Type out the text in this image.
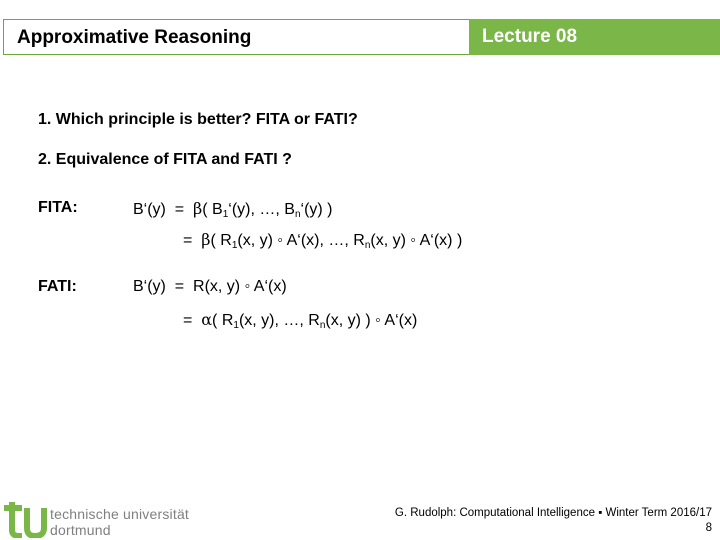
Approximative Reasoning	Lecture 08
1. Which principle is better? FITA or FATI?
2. Equivalence of FITA and FATI ?
FITA:	B‘(y) = β( $B_1‘(y)$, …, $B_n‘(y)$ )
= β( $R_1(x$, y) ◦ A‘(x), …, $R_n(x$, y) ◦ A‘(x) )
FATI:	B‘(y) = R(x, y) ◦ A‘(x)
= α( $R_1(x$, y), …, $R_n(x$, y) ) ◦ A‘(x)
technische universität
dortmund
G. Rudolph: Computational Intelligence ▪ Winter Term 2016/17
8
